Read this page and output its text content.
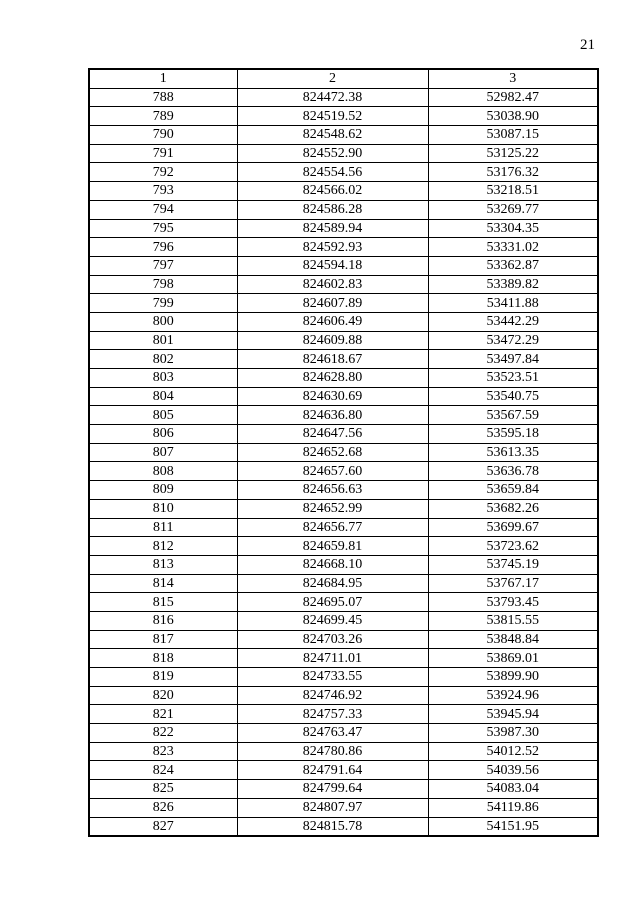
21
1	2	3
788	824472.38	52982.47
789	824519.52	53038.90
790	824548.62	53087.15
791	824552.90	53125.22
792	824554.56	53176.32
793	824566.02	53218.51
794	824586.28	53269.77
795	824589.94	53304.35
796	824592.93	53331.02
797	824594.18	53362.87
798	824602.83	53389.82
799	824607.89	53411.88
800	824606.49	53442.29
801	824609.88	53472.29
802	824618.67	53497.84
803	824628.80	53523.51
804	824630.69	53540.75
805	824636.80	53567.59
806	824647.56	53595.18
807	824652.68	53613.35
808	824657.60	53636.78
809	824656.63	53659.84
810	824652.99	53682.26
811	824656.77	53699.67
812	824659.81	53723.62
813	824668.10	53745.19
814	824684.95	53767.17
815	824695.07	53793.45
816	824699.45	53815.55
817	824703.26	53848.84
818	824711.01	53869.01
819	824733.55	53899.90
820	824746.92	53924.96
821	824757.33	53945.94
822	824763.47	53987.30
823	824780.86	54012.52
824	824791.64	54039.56
825	824799.64	54083.04
826	824807.97	54119.86
827	824815.78	54151.95
